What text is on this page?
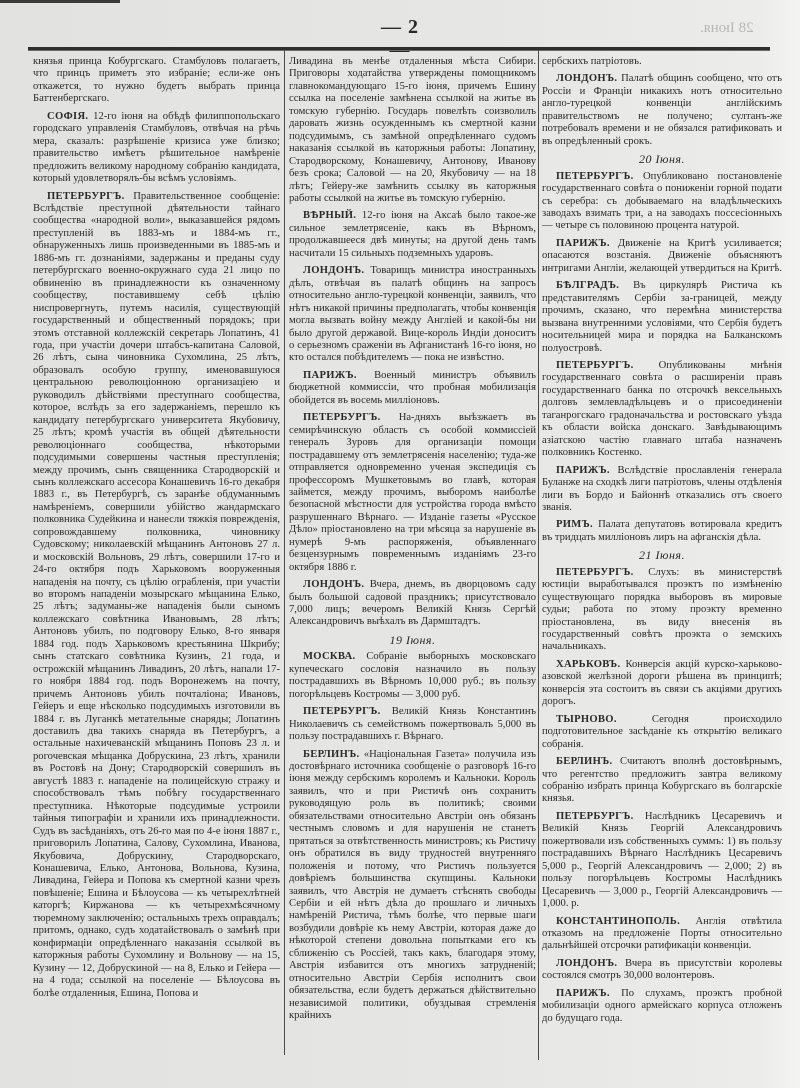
— 2	28 Iюня.

князья принца Кобургскаго. Стамбуловъ полагаетъ, что принцъ приметъ это избраніе; если-же онъ откажется, то нужно будетъ выбрать принца Баттенбергскаго.

СОФІЯ. 12-го іюня на обѣдѣ филиппопольскаго городскаго управленія Стамбуловъ, отвѣчая на рѣчь мера, сказалъ: разрѣшеніе кризиса уже близко; правительство имѣетъ рѣшительное намѣреніе предложить великому народному собранію кандидата, который удовлетворялъ-бы всѣмъ условіямъ.

ПЕТЕРБУРГЪ. Правительственное сообщеніе: Вслѣдствіе преступной дѣятельности тайнаго сообщества «народной воли», выказавшейся рядомъ преступленій въ 1883-мъ и 1884-мъ гг., обнаруженныхъ лишь произведенными въ 1885-мъ и 1886-мъ гг. дознаніями, задержаны и преданы суду петербургскаго военно-окружнаго суда 21 лицо по обвиненію въ принадлежности къ означенному сообществу, поставившему себѣ цѣлію ниспровергнуть, путемъ насилія, существующій государственный и общественный порядокъ; при этомъ отставной коллежскій секретарь Лопатинъ, 41 года, при участіи дочери штабсъ-капитана Саловой, 26 лѣтъ, сына чиновника Сухомлина, 25 лѣтъ, образовалъ особую группу, именовавшуюся центральною революціонною организаціею и руководилъ дѣйствіями преступнаго сообщества, которое, вслѣдъ за его задержаніемъ, перешло къ кандидату петербургскаго университета Якубовичу, 25 лѣтъ; кромѣ участія въ общей дѣятельности революціоннаго сообщества, нѣкоторыми подсудимыми совершены частныя преступленія; между прочимъ, сынъ священника Стародворскій и сынъ коллежскаго ассесора Конашевичъ 16-го декабря 1883 г., въ Петербургѣ, съ заранѣе обдуманнымъ намѣреніемъ, совершили убійство жандармскаго полковника Судейкина и нанесли тяжкія поврежденія, сопровождавшему полковника, чиновнику Судовскому; николаевскій мѣщанинъ Антоновъ 27 л. и московскій Вольновъ, 29 лѣтъ, совершили 17-го и 24-го октября подъ Харьковомъ вооруженныя нападенія на почту, съ цѣлію ограбленія, при участіи во второмъ нападеніи мозырскаго мѣщанина Елько, 25 лѣтъ; задуманы-же нападенія были сыномъ коллежскаго совѣтника Ивановымъ, 28 лѣтъ; Антоновъ убилъ, по подговору Елько, 8-го января 1884 год. подъ Харьковомъ крестьянина Шкрибу; сынъ статскаго совѣтника Кузинъ, 21 года, и острожскій мѣщанинъ Ливадинъ, 20 лѣтъ, напали 17-го ноября 1884 год. подъ Воронежемъ на почту, причемъ Антоновъ убилъ почталіона; Ивановъ, Гейеръ и еще нѣсколько подсудимыхъ изготовили въ 1884 г. въ Луганкѣ метательные снаряды; Лопатинъ доставилъ два такихъ снаряда въ Петербургъ, а остальные нахичеванскій мѣщанинъ Поповъ 23 л. и рогочевская мѣщанка Добрускина, 23 лѣтъ, хранили въ Ростовѣ на Дону; Стародворскій совершилъ въ августѣ 1883 г. нападеніе на полицейскую стражу и способствовалъ тѣмъ побѣгу государственнаго преступника. Нѣкоторые подсудимые устроили тайныя типографіи и хранили ихъ принадлежности. Судъ въ засѣданіяхъ, отъ 26-го мая по 4-е іюня 1887 г., приговорилъ Лопатина, Салову, Сухомлина, Иванова, Якубовича, Добрускину, Стародворскаго, Конашевича, Елько, Антонова, Вольнова, Кузина, Ливадина, Гейера и Попова къ смертной казни чрезъ повѣшеніе; Ешина и Бѣлоусова — къ четырехлѣтней каторгѣ; Киржанова — къ четырехмѣсячному тюремному заключенію; остальныхъ трехъ оправдалъ; притомъ, однако, судъ ходатайствовалъ о замѣнѣ при конфирмаціи опредѣленнаго наказанія ссылкой въ каторжныя работы Сухомлину и Вольнову — на 15, Кузину — 12, Добрускиной — на 8, Елько и Гейера — на 4 года; ссылкой на поселеніе — Бѣлоусова въ болѣе отдаленныя, Ешина, Попова и

Ливадина въ менѣе отдаленныя мѣста Сибири. Приговоры ходатайства утверждены помощникомъ главнокомандующаго 15-го іюня, причемъ Ешину ссылка на поселеніе замѣнена ссылкой на житье въ томскую губернію. Государь повелѣть соизволилъ даровать жизнь осужденнымъ къ смертной казни подсудимымъ, съ замѣной опредѣленнаго судомъ наказанія ссылкой въ каторжныя работы: Лопатину, Стародворскому, Конашевичу, Антонову, Иванову безъ срока; Саловой — на 20, Якубовичу — на 18 лѣтъ; Гейеру-же замѣнить ссылку въ каторжныя работы ссылкой на житье въ томскую губернію.

ВѢРНЫЙ. 12-го іюня на Аксаѣ было такое-же сильное землетрясеніе, какъ въ Вѣрномъ, продолжавшееся двѣ минуты; на другой день тамъ насчитали 15 сильныхъ подземныхъ ударовъ.

ЛОНДОНЪ. Товарищъ министра иностранныхъ дѣлъ, отвѣчая въ палатѣ общинъ на запросъ относительно англо-турецкой конвенціи, заявилъ, что нѣтъ никакой причины предполагать, чтобы конвенція могла вызвать войну между Англіей и какой-бы ни было другой державой. Вице-король Индіи доноситъ о серьезномъ сраженіи въ Афганистанѣ 16-го іюня, но кто остался побѣдителемъ — пока не извѣстно.

ПАРИЖЪ. Военный министръ объявилъ бюджетной коммиссіи, что пробная мобилизація обойдется въ восемь милліоновъ.

ПЕТЕРБУРГЪ. На-дняхъ выѣзжаетъ въ семирѣчинскую область съ особой коммиссіей генералъ Зуровъ для организаціи помощи пострадавшему отъ землетрясенія населенію; туда-же отправляется одновременно ученая экспедиція съ профессоромъ Мушкетовымъ во главѣ, которая займется, между прочимъ, выборомъ наиболѣе безопасной мѣстности для устройства города вмѣсто разрушеннаго Вѣрнаго. — Изданіе газеты «Русское Дѣло» пріостановлено на три мѣсяца за нарушеніе въ нумерѣ 9-мъ распоряженія, объявленнаго безцензурнымъ повременнымъ изданіямъ 23-го октября 1886 г.

ЛОНДОНЪ. Вчера, днемъ, въ дворцовомъ саду былъ большой садовой праздникъ; присутствовало 7,000 лицъ; вечеромъ Великій Князь Сергѣй Александровичъ выѣхалъ въ Дармштадтъ.

19 Іюня.

МОСКВА. Собраніе выборныхъ московскаго купеческаго сословія назначило въ пользу пострадавшихъ въ Вѣрномъ 10,000 руб.; въ пользу погорѣльцевъ Костромы — 3,000 руб.

ПЕТЕРБУРГЪ. Великій Князь Константинъ Николаевичъ съ семействомъ пожертвовалъ 5,000 въ пользу пострадавшихъ г. Вѣрнаго.

БЕРЛИНЪ. «Національная Газета» получила изъ достовѣрнаго источника сообщеніе о разговорѣ 16-го іюня между сербскимъ королемъ и Кальноки. Король заявилъ, что и при Ристичѣ онъ сохранитъ руководящую роль въ политикѣ; своими обязательствами относительно Австріи онъ обязанъ честнымъ словомъ и для нарушенія не станетъ прятаться за отвѣтственность министровъ; къ Ристичу онъ обратился въ виду трудностей внутренняго положенія и потому, что Ристичъ пользуется довѣріемъ большинства скупщины. Кальноки заявилъ, что Австрія не думаетъ стѣснять свободы Сербіи и ей нѣтъ дѣла до прошлаго и личныхъ намѣреній Ристича, тѣмъ болѣе, что первые шаги возбудили довѣріе къ нему Австріи, которая даже до нѣкоторой степени довольна попытками его къ сближенію съ Россіей, такъ какъ, благодаря этому, Австрія избавится отъ многихъ затрудненій; относительно Австріи Сербія исполнитъ свои обязательства, если будетъ держаться дѣйствительно независимой политики, обуздывая стремленія крайнихъ

сербскихъ патріотовъ.

ЛОНДОНЪ. Палатѣ общинъ сообщено, что отъ Россіи и Франціи никакихъ нотъ относительно англо-турецкой конвенціи англійскимъ правительствомъ не получено; султанъ-же потребовалъ времени и не обязался ратификовать и въ опредѣленный срокъ.

20 Іюня.

ПЕТЕРБУРГЪ. Опубликовано постановленіе государственнаго совѣта о пониженіи горной подати съ серебра: съ добываемаго на владѣльческихъ заводахъ взимать три, а на заводахъ поссесіонныхъ — четыре съ половиною процента натурой.

ПАРИЖЪ. Движеніе на Критѣ усиливается; опасаются возстанія. Движеніе объясняютъ интригами Англіи, желающей утвердиться на Критѣ.

БѢЛГРАДЪ. Въ циркулярѣ Ристича къ представителямъ Сербіи за-границей, между прочимъ, сказано, что перемѣна министерства вызвана внутренними условіями, что Сербія будетъ носительницей мира и порядка на Балканскомъ полуостровѣ.

ПЕТЕРБУРГЪ. Опубликованы мнѣнія государственнаго совѣта о расширеніи правъ государственнаго банка по отсрочкѣ вексельныхъ долговъ землевладѣльцевъ и о присоединеніи таганрогскаго градоначальства и ростовскаго уѣзда къ области войска донскаго. Завѣдывающимъ азіатскою частію главнаго штаба назначенъ полковникъ Костенко.

ПАРИЖЪ. Вслѣдствіе прославленія генерала Буланже на сходкѣ лиги патріотовъ, члены отдѣленія лиги въ Бордо и Байоннѣ отказались отъ своего званія.

РИМЪ. Палата депутатовъ вотировала кредитъ въ тридцать милліоновъ лиръ на афганскія дѣла.

21 Іюня.

ПЕТЕРБУРГЪ. Слухъ: въ министерствѣ юстиціи выработывался проэктъ по измѣненію существующаго порядка выборовъ въ мировые судьи; работа по этому проэкту временно пріостановлена, въ виду внесенія въ государственный совѣтъ проэкта о земскихъ начальникахъ.

ХАРЬКОВЪ. Конверсія акцій курско-харьково-азовской желѣзной дороги рѣшена въ принципѣ; конверсія эта состоитъ въ связи съ акціями другихъ дорогъ.

ТЫРНОВО.	Сегодня происходило подготовительное засѣданіе къ открытію великаго собранія.

БЕРЛИНЪ. Считаютъ вполнѣ достовѣрнымъ, что регентство предложитъ завтра великому собранію избрать принца Кобургскаго въ болгарскіе князья.

ПЕТЕРБУРГЪ. Наслѣдникъ Цесаревичъ и Великій Князь Георгій Александровичъ пожертвовали изъ собственныхъ суммъ: 1) въ пользу пострадавшихъ Вѣрнаго Наслѣдникъ Цесаревичъ 5,000 р., Георгій Александровичъ — 2,000; 2) въ пользу погорѣльцевъ Костромы Наслѣдникъ Цесаревичъ — 3,000 р., Георгій Александровичъ — 1,000. р.

КОНСТАНТИНОПОЛЬ. Англія отвѣтила отказомъ на предложеніе Порты относительно дальнѣйшей отсрочки ратификаціи конвенціи.

ЛОНДОНЪ. Вчера въ присутствіи королевы состоялся смотръ 30,000 волонтеровъ.

ПАРИЖЪ. По слухамъ, проэктъ пробной мобилизаціи одного армейскаго корпуса отложенъ до будущаго года.
